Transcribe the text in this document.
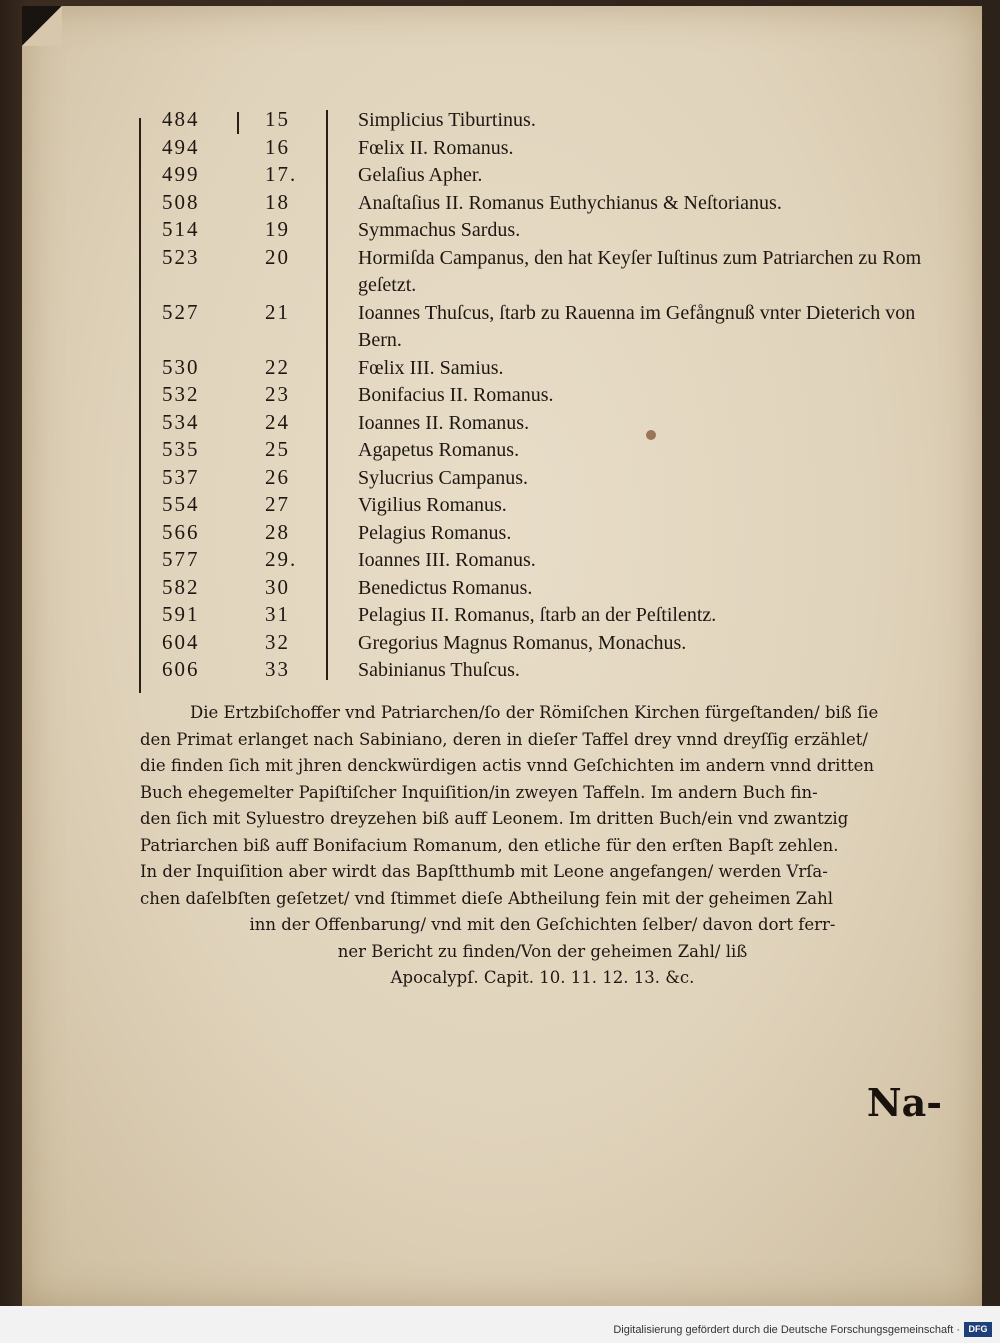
484	15	Simplicius Tiburtinus.
494	16	Fœlix II. Romanus.
499	17.	Gelaſius Apher.
508	18	Anaſtaſius II. Romanus Euthychianus & Neſtorianus.
514	19	Symmachus Sardus.
523	20	Hormiſda Campanus, den hat Keyſer Iuſtinus zum Patriarchen zu Rom geſetzt.
527	21	Ioannes Thuſcus, ſtarb zu Rauenna im Gefångnuß vnter Dieterich von Bern.
530	22	Fœlix III. Samius.
532	23	Bonifacius II. Romanus.
534	24	Ioannes II. Romanus.
535	25	Agapetus Romanus.
537	26	Sylucrius Campanus.
554	27	Vigilius Romanus.
566	28	Pelagius Romanus.
577	29.	Ioannes III. Romanus.
582	30	Benedictus Romanus.
591	31	Pelagius II. Romanus, ſtarb an der Peſtilentz.
604	32	Gregorius Magnus Romanus, Monachus.
606	33	Sabinianus Thuſcus.
Die Ertzbiſchoffer vnd Patriarchen/ſo der Römiſchen Kirchen fürgeſtanden/ biß ſie
den Primat erlanget nach Sabiniano, deren in dieſer Taffel drey vnnd dreyſſig erzählet/
die finden ſich mit jhren denckwürdigen actis vnnd Geſchichten im andern vnnd dritten
Buch ehegemelter Papiſtiſcher Inquiſition/in zweyen Taffeln. Im andern Buch fin-
den ſich mit Syluestro dreyzehen biß auff Leonem. Im dritten Buch/ein vnd zwantzig
Patriarchen biß auff Bonifacium Romanum, den etliche für den erſten Bapſt zehlen.
In der Inquiſition aber wirdt das Bapſtthumb mit Leone angefangen/ werden Vrſa-
chen daſelbſten geſetzet/ vnd ſtimmet dieſe Abtheilung fein mit der geheimen Zahl
inn der Offenbarung/ vnd mit den Geſchichten ſelber/ davon dort ferr-
ner Bericht zu finden/Von der geheimen Zahl/ liß
Apocalypſ. Capit. 10. 11. 12. 13. &c.
Na-
Digitalisierung gefördert durch die Deutsche Forschungsgemeinschaft · DFG
